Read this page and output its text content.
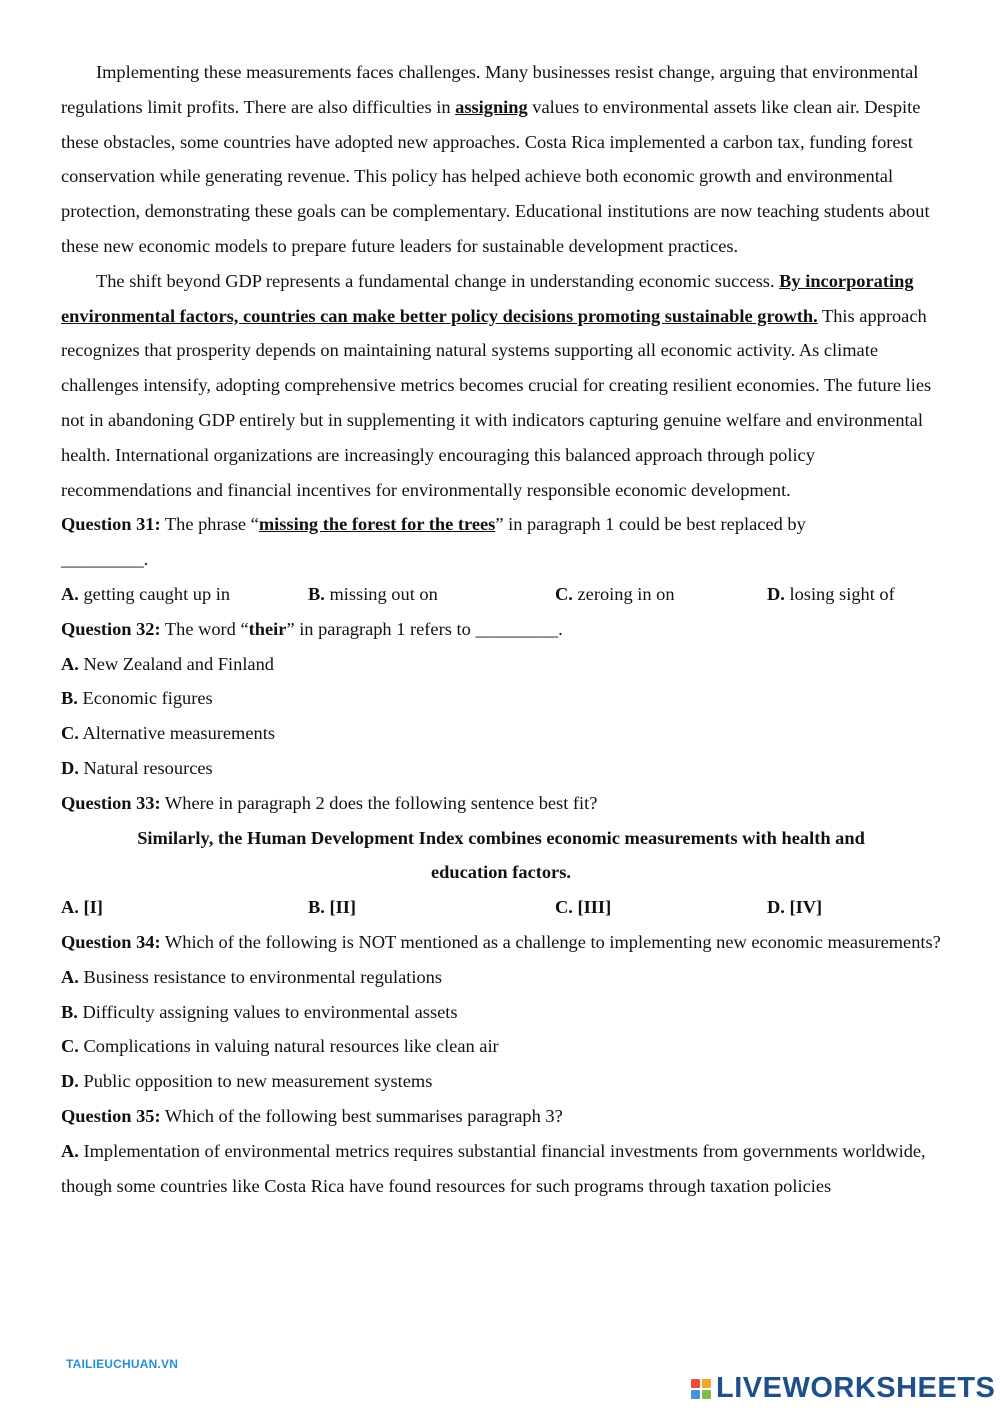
Implementing these measurements faces challenges. Many businesses resist change, arguing that environmental regulations limit profits. There are also difficulties in assigning values to environmental assets like clean air. Despite these obstacles, some countries have adopted new approaches. Costa Rica implemented a carbon tax, funding forest conservation while generating revenue. This policy has helped achieve both economic growth and environmental protection, demonstrating these goals can be complementary. Educational institutions are now teaching students about these new economic models to prepare future leaders for sustainable development practices.

The shift beyond GDP represents a fundamental change in understanding economic success. By incorporating environmental factors, countries can make better policy decisions promoting sustainable growth. This approach recognizes that prosperity depends on maintaining natural systems supporting all economic activity. As climate challenges intensify, adopting comprehensive metrics becomes crucial for creating resilient economies. The future lies not in abandoning GDP entirely but in supplementing it with indicators capturing genuine welfare and environmental health. International organizations are increasingly encouraging this balanced approach through policy recommendations and financial incentives for environmentally responsible economic development.

Question 31: The phrase “missing the forest for the trees” in paragraph 1 could be best replaced by

_________.

A. getting caught up in	B. missing out on	C. zeroing in on	D. losing sight of

Question 32: The word “their” in paragraph 1 refers to _________.

A. New Zealand and Finland

B. Economic figures

C. Alternative measurements

D. Natural resources

Question 33: Where in paragraph 2 does the following sentence best fit?

Similarly, the Human Development Index combines economic measurements with health and education factors.

A. [I]	B. [II]	C. [III]	D. [IV]

Question 34: Which of the following is NOT mentioned as a challenge to implementing new economic measurements?

A. Business resistance to environmental regulations

B. Difficulty assigning values to environmental assets

C. Complications in valuing natural resources like clean air

D. Public opposition to new measurement systems

Question 35: Which of the following best summarises paragraph 3?

A. Implementation of environmental metrics requires substantial financial investments from governments worldwide, though some countries like Costa Rica have found resources for such programs through taxation policies

TAILIEUCHUAN.VN
LIVEWORKSHEETS
